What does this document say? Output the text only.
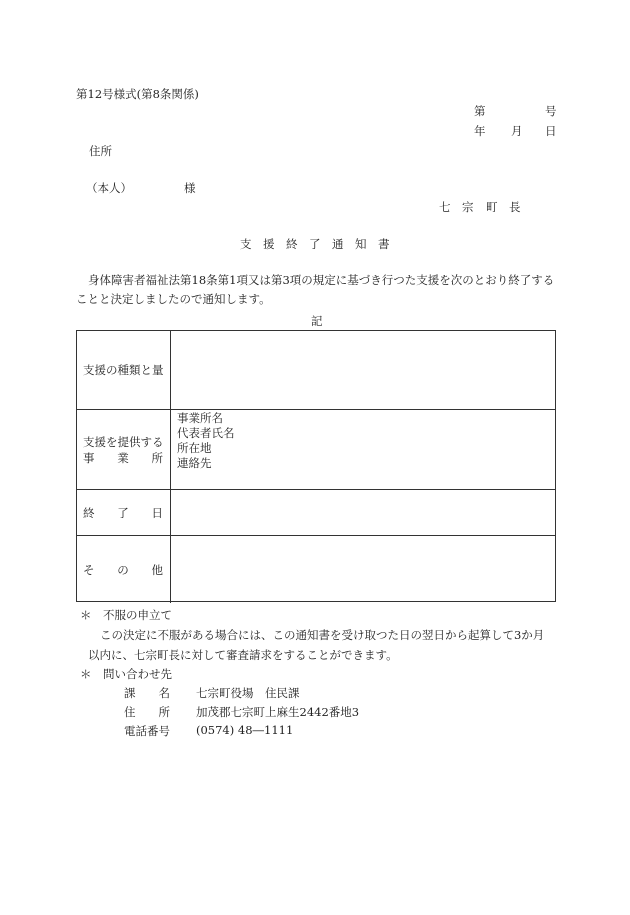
第12号様式(第8条関係)
第	号
年 月 日
住所
（本人）	様
七 宗 町 長
支　援　終　了　通　知　書
身体障害者福祉法第18条第1項又は第3項の規定に基づき行つた支援を次のとおり終了することと決定しましたので通知します。
記
支援の種類と量
支援を提供する
事 業 所
事業所名
代表者氏名
所在地
連絡先
終 了 日
そ の 他
＊　不服の申立て
この決定に不服がある場合には、この通知書を受け取つた日の翌日から起算して3か月
以内に、七宗町長に対して審査請求をすることができます。
＊　問い合わせ先
課　　名 七宗町役場　住民課
住　　所 加茂郡七宗町上麻生2442番地3
電話番号 (0574) 48―1111
